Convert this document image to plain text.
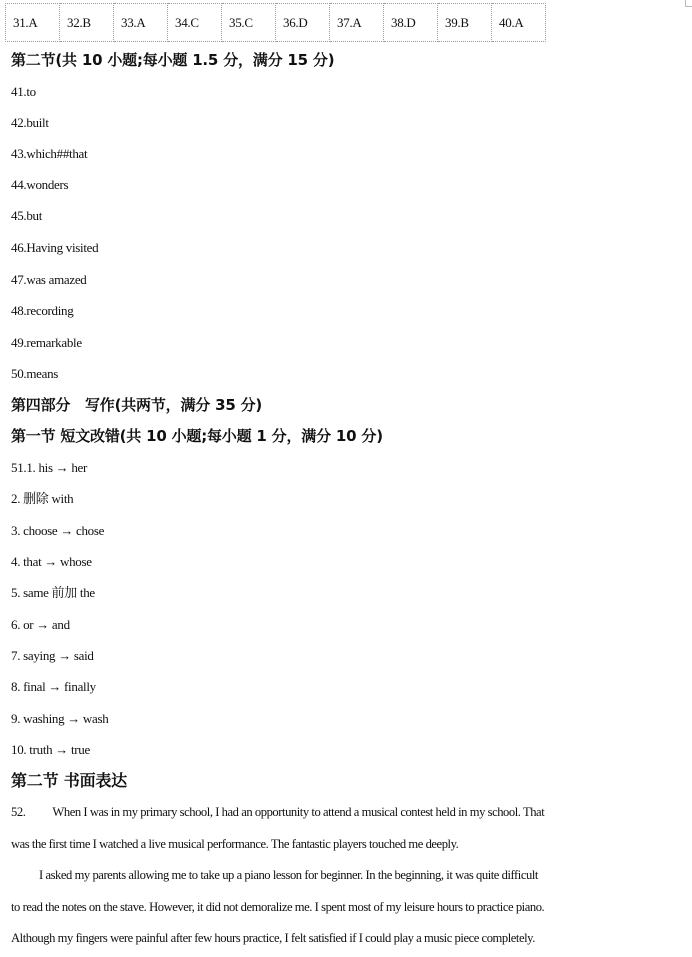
31.A	32.B	33.A	34.C	35.C	36.D	37.A	38.D	39.B	40.A
第二节(共 10 小题;每小题 1.5 分，满分 15 分)
41.to
42.built
43.which##that
44.wonders
45.but
46.Having visited
47.was amazed
48.recording
49.remarkable
50.means
第四部分　写作(共两节，满分 35 分)
第一节 短文改错(共 10 小题;每小题 1 分，满分 10 分)
51.1. his → her
2. 删除 with
3. choose → chose
4. that → whose
5. same 前加 the
6. or → and
7. saying → said
8. final → finally
9. washing → wash
10. truth → true
第二节 书面表达
52. When I was in my primary school, I had an opportunity to attend a musical contest held in my school. That
was the first time I watched a live musical performance. The fantastic players touched me deeply.
I asked my parents allowing me to take up a piano lesson for beginner. In the beginning, it was quite difficult
to read the notes on the stave. However, it did not demoralize me. I spent most of my leisure hours to practice piano.
Although my fingers were painful after few hours practice, I felt satisfied if I could play a music piece completely.
